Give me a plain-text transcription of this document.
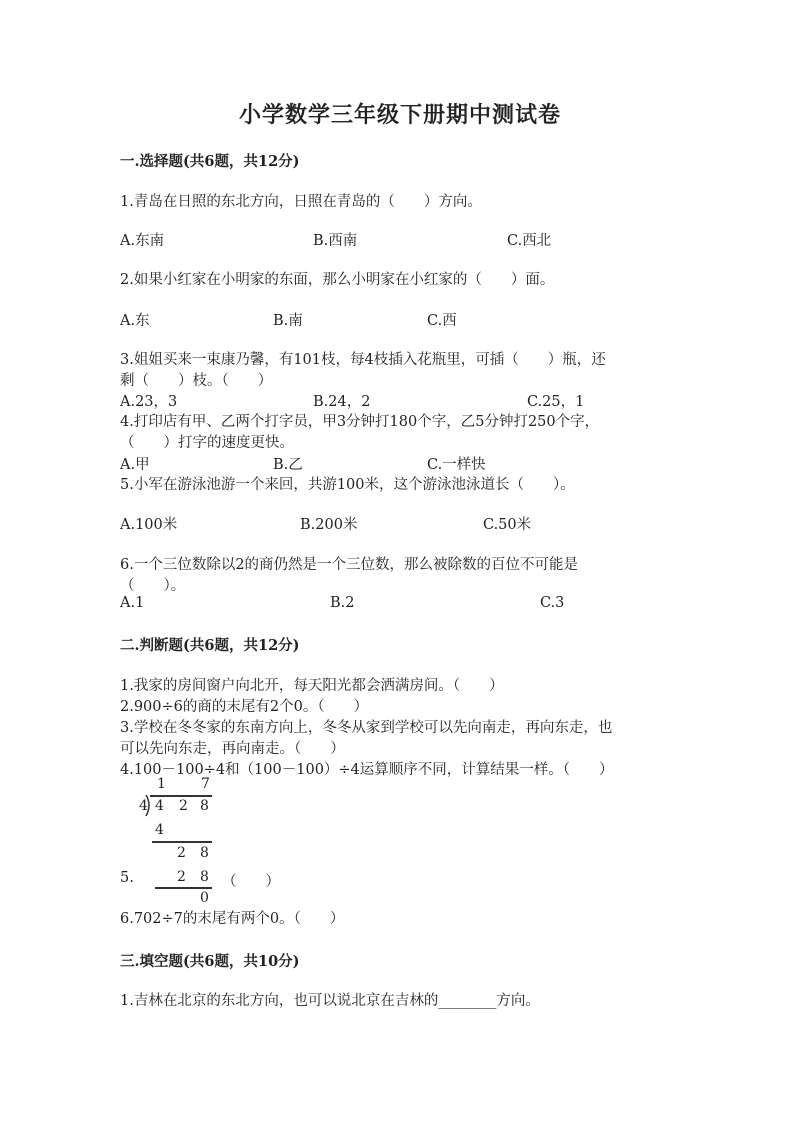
小学数学三年级下册期中测试卷
一.选择题(共6题，共12分)
1.青岛在日照的东北方向，日照在青岛的（　　）方向。
A.东南	B.西南	C.西北
2.如果小红家在小明家的东面，那么小明家在小红家的（　　）面。
A.东	B.南	C.西
3.姐姐买来一束康乃馨，有101枝，每4枝插入花瓶里，可插（　　）瓶，还
剩（　　）枝。（　　）
A.23，3	B.24，2	C.25，1
4.打印店有甲、乙两个打字员，甲3分钟打180个字，乙5分钟打250个字，
（　　）打字的速度更快。
A.甲	B.乙	C.一样快
5.小军在游泳池游一个来回，共游100米，这个游泳池泳道长（　　）。
A.100米	B.200米	C.50米
6.一个三位数除以2的商仍然是一个三位数，那么被除数的百位不可能是
（　　）。
A.1	B.2	C.3
二.判断题(共6题，共12分)
1.我家的房间窗户向北开，每天阳光都会洒满房间。（　　）
2.900÷6的商的末尾有2个0。（　　）
3.学校在冬冬家的东南方向上，冬冬从家到学校可以先向南走，再向东走，也
可以先向东走，再向南走。（　　）
4.100－100÷4和（100－100）÷4运算顺序不同，计算结果一样。（　　）
1	7
4 4 2 8
4
2 8
2 8
0
5.	（　　）
6.702÷7的末尾有两个0。（　　）
三.填空题(共6题，共10分)
1.吉林在北京的东北方向，也可以说北京在吉林的________方向。
